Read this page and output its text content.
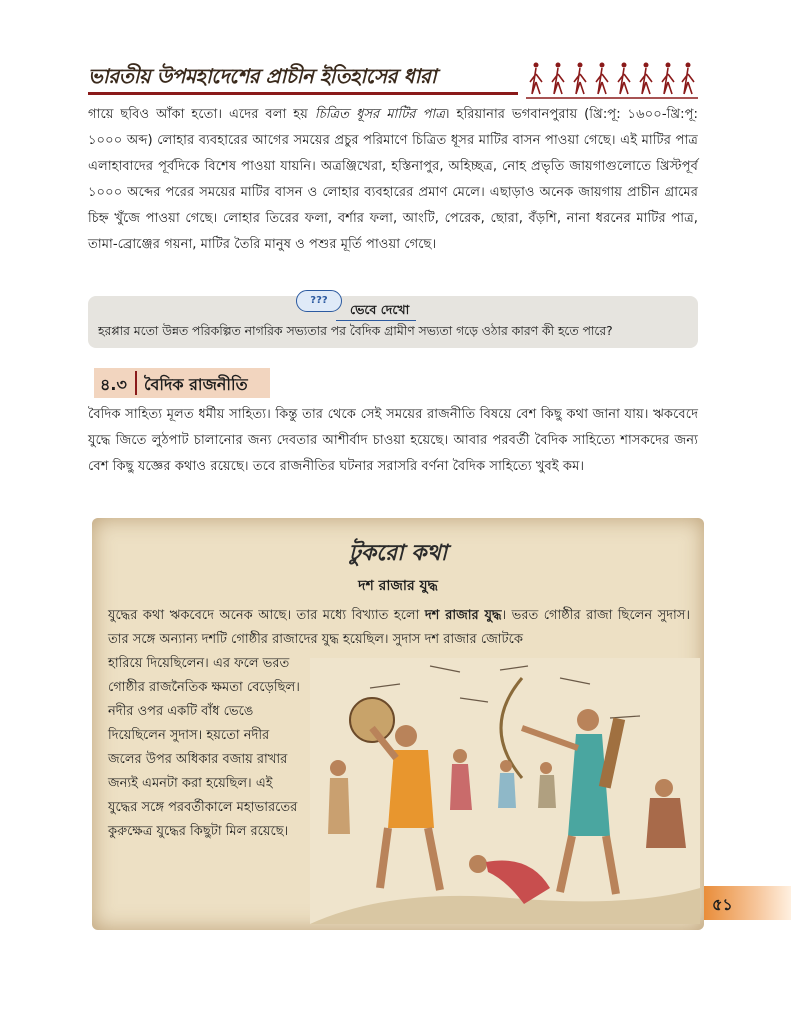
ভারতীয় উপমহাদেশের প্রাচীন ইতিহাসের ধারা

গায়ে ছবিও আঁকা হতো। এদের বলা হয় চিত্রিত ধূসর মাটির পাত্র। হরিয়ানার ভগবানপুরায় (খ্রি:পূ: ১৬০০-খ্রি:পূ: ১০০০ অব্দ) লোহার ব্যবহারের আগের সময়ের প্রচুর পরিমাণে চিত্রিত ধূসর মাটির বাসন পাওয়া গেছে। এই মাটির পাত্র এলাহাবাদের পূর্বদিকে বিশেষ পাওয়া যায়নি। অত্রঞ্জিখেরা, হস্তিনাপুর, অহিচ্ছত্র, নোহ প্রভৃতি জায়গাগুলোতে খ্রিস্টপূর্ব ১০০০ অব্দের পরের সময়ের মাটির বাসন ও লোহার ব্যবহারের প্রমাণ মেলে। এছাড়াও অনেক জায়গায় প্রাচীন গ্রামের চিহ্ন খুঁজে পাওয়া গেছে। লোহার তিরের ফলা, বর্শার ফলা, আংটি, পেরেক, ছোরা, বঁড়শি, নানা ধরনের মাটির পাত্র, তামা-ব্রোঞ্জের গয়না, মাটির তৈরি মানুষ ও পশুর মূর্তি পাওয়া গেছে।

???
ভেবে দেখো
হরপ্পার মতো উন্নত পরিকল্পিত নাগরিক সভ্যতার পর বৈদিক গ্রামীণ সভ্যতা গড়ে ওঠার কারণ কী হতে পারে?
৪.৩ বৈদিক রাজনীতি

বৈদিক সাহিত্য মূলত ধর্মীয় সাহিত্য। কিন্তু তার থেকে সেই সময়ের রাজনীতি বিষয়ে বেশ কিছু কথা জানা যায়। ঋকবেদে যুদ্ধে জিতে লুঠপাট চালানোর জন্য দেবতার আশীর্বাদ চাওয়া হয়েছে। আবার পরবর্তী বৈদিক সাহিত্যে শাসকদের জন্য বেশ কিছু যজ্ঞের কথাও রয়েছে। তবে রাজনীতির ঘটনার সরাসরি বর্ণনা বৈদিক সাহিত্যে খুবই কম।

টুকরো কথা
দশ রাজার যুদ্ধ

যুদ্ধের কথা ঋকবেদে অনেক আছে। তার মধ্যে বিখ্যাত হলো দশ রাজার যুদ্ধ। ভরত গোষ্ঠীর রাজা ছিলেন সুদাস। তার সঙ্গে অন্যান্য দশটি গোষ্ঠীর রাজাদের যুদ্ধ হয়েছিল। সুদাস দশ রাজার জোটকে

হারিয়ে দিয়েছিলেন। এর ফলে ভরত গোষ্ঠীর রাজনৈতিক ক্ষমতা বেড়েছিল। নদীর ওপর একটি বাঁধ ভেঙে দিয়েছিলেন সুদাস। হয়তো নদীর জলের উপর অধিকার বজায় রাখার জন্যই এমনটা করা হয়েছিল। এই যুদ্ধের সঙ্গে পরবর্তীকালে মহাভারতের কুরুক্ষেত্র যুদ্ধের কিছুটা মিল রয়েছে।

৫১
